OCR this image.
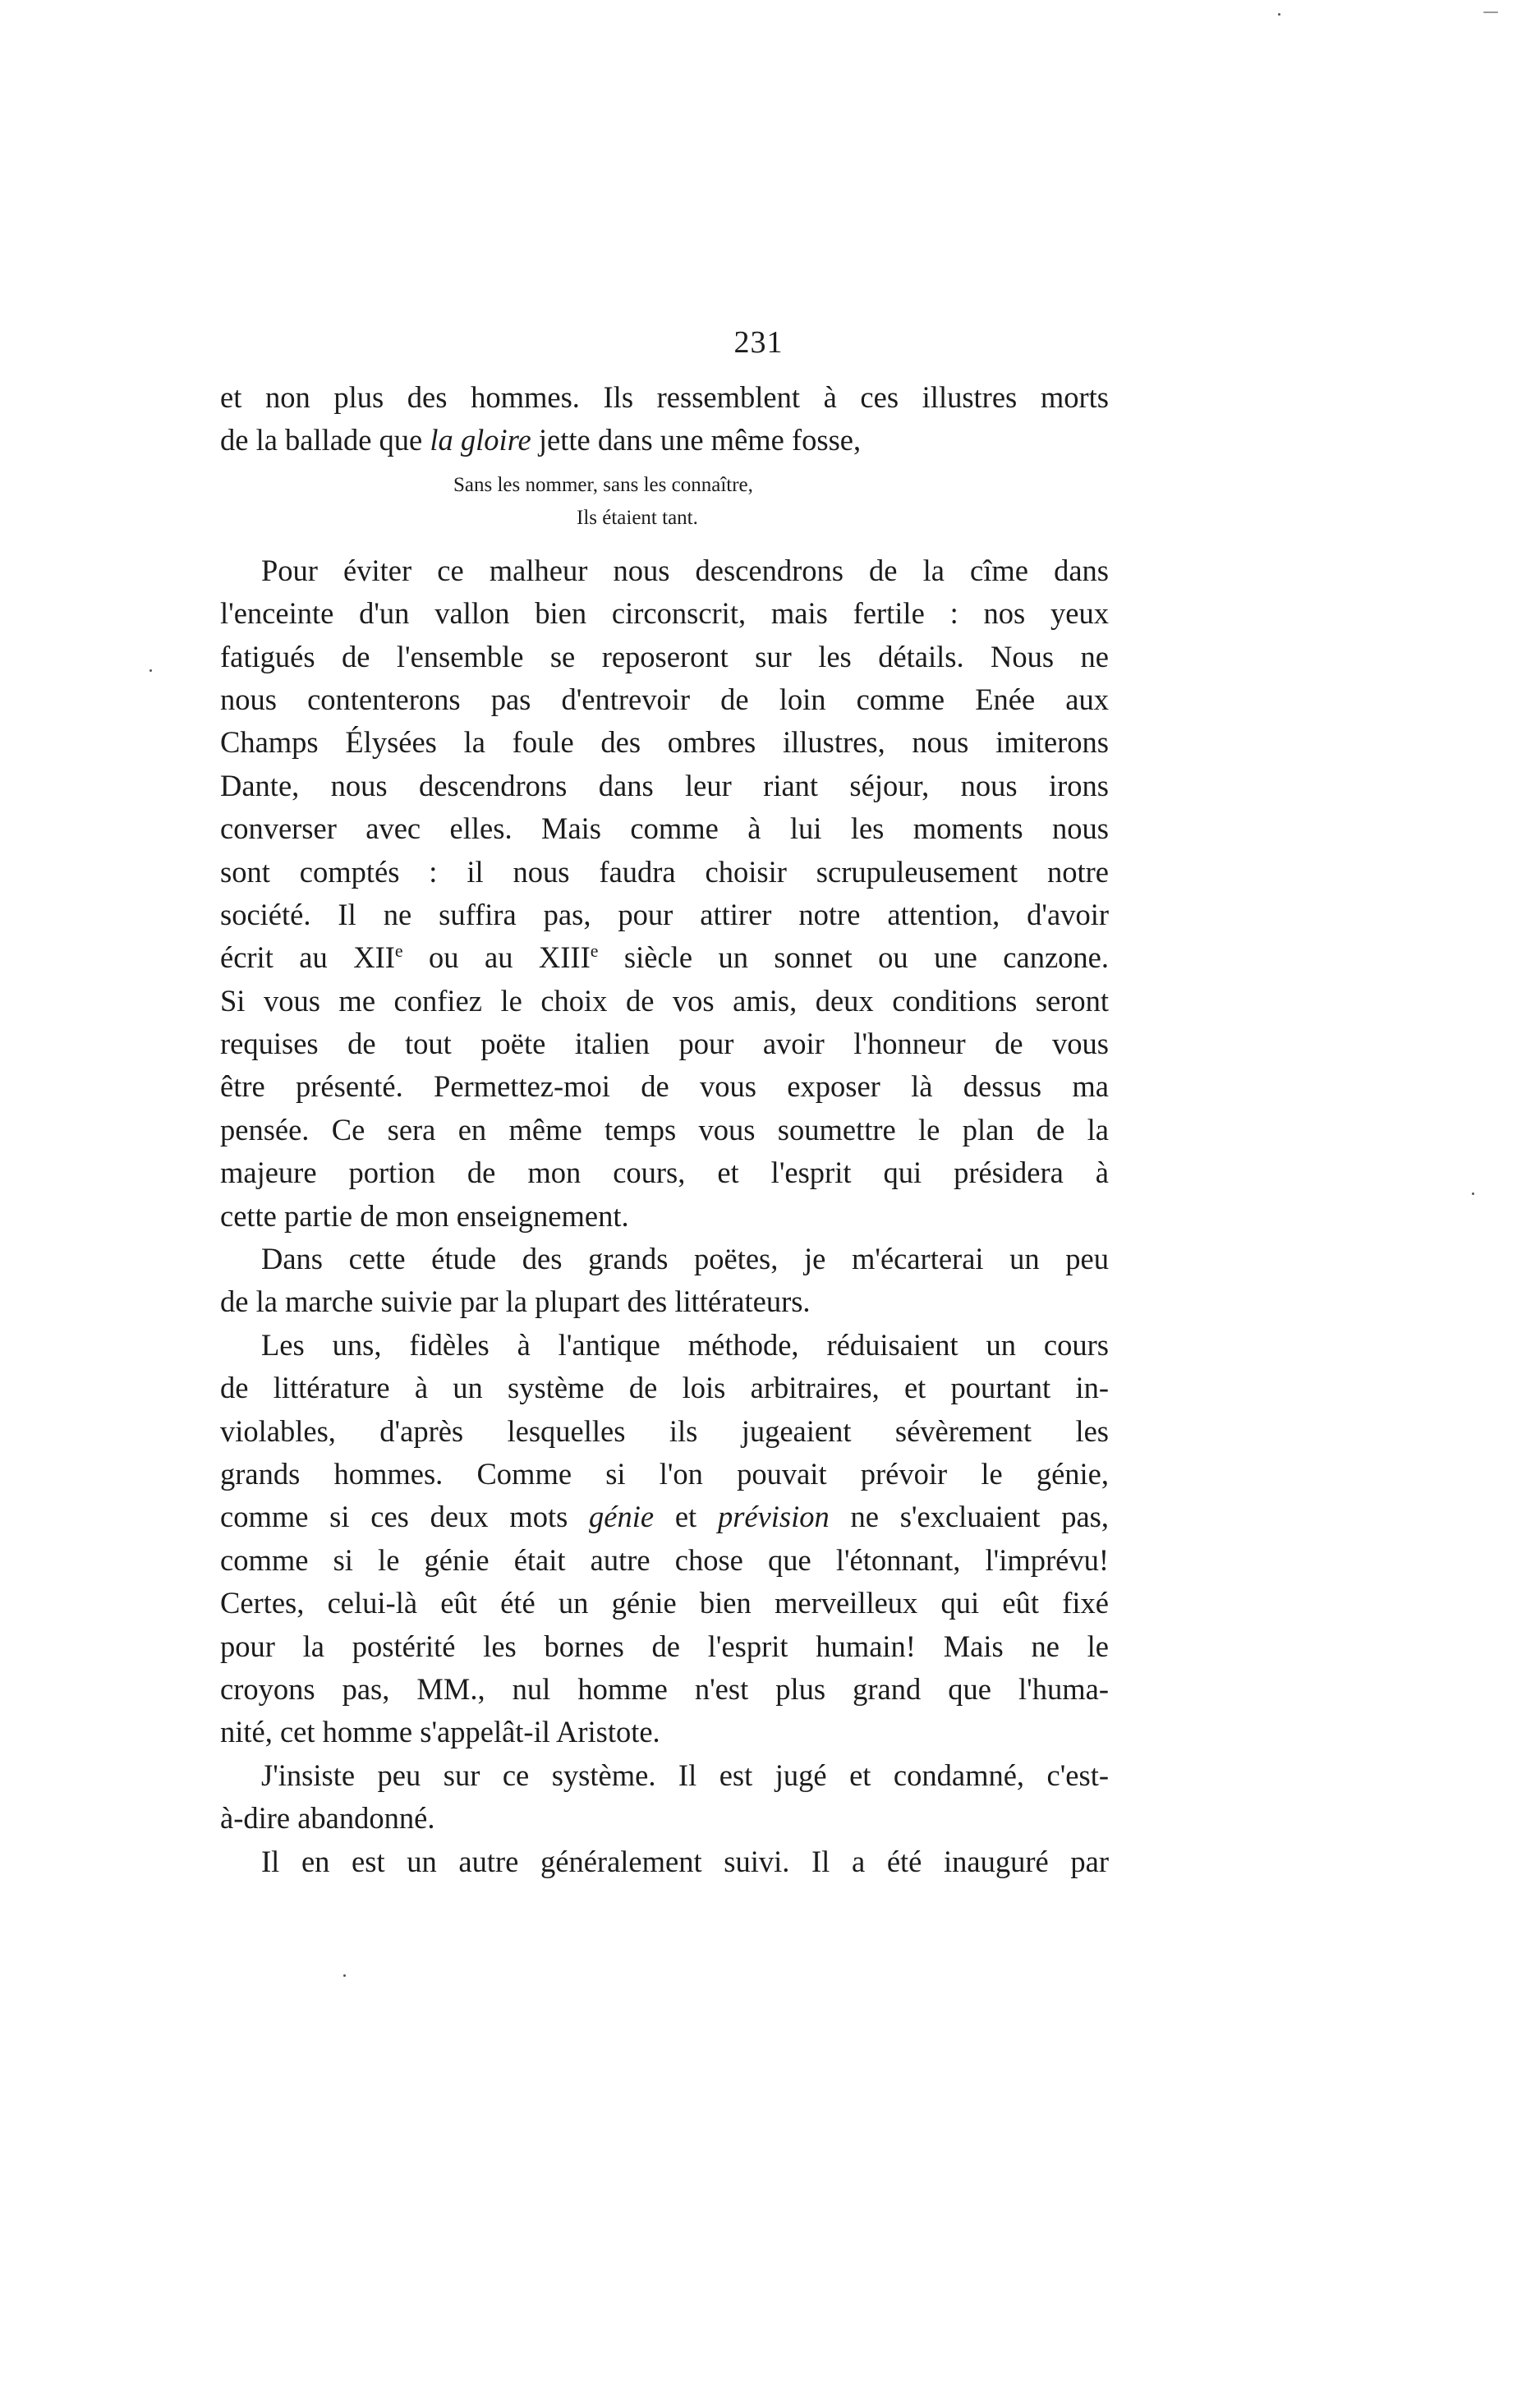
231
et non plus des hommes. Ils ressemblent à ces illustres morts
de la ballade que la gloire jette dans une même fosse,
Sans les nommer, sans les connaître,
Ils étaient tant.
Pour éviter ce malheur nous descendrons de la cîme dans
l'enceinte d'un vallon bien circonscrit, mais fertile : nos yeux
fatigués de l'ensemble se reposeront sur les détails. Nous ne
nous contenterons pas d'entrevoir de loin comme Enée aux
Champs Élysées la foule des ombres illustres, nous imiterons
Dante, nous descendrons dans leur riant séjour, nous irons
converser avec elles. Mais comme à lui les moments nous
sont comptés : il nous faudra choisir scrupuleusement notre
société. Il ne suffira pas, pour attirer notre attention, d'avoir
écrit au XIIe ou au XIIIe siècle un sonnet ou une canzone.
Si vous me confiez le choix de vos amis, deux conditions seront
requises de tout poëte italien pour avoir l'honneur de vous
être présenté. Permettez-moi de vous exposer là dessus ma
pensée. Ce sera en même temps vous soumettre le plan de la
majeure portion de mon cours, et l'esprit qui présidera à
cette partie de mon enseignement.
Dans cette étude des grands poëtes, je m'écarterai un peu
de la marche suivie par la plupart des littérateurs.
Les uns, fidèles à l'antique méthode, réduisaient un cours
de littérature à un système de lois arbitraires, et pourtant in-
violables, d'après lesquelles ils jugeaient sévèrement les
grands hommes. Comme si l'on pouvait prévoir le génie,
comme si ces deux mots génie et prévision ne s'excluaient pas,
comme si le génie était autre chose que l'étonnant, l'imprévu!
Certes, celui-là eût été un génie bien merveilleux qui eût fixé
pour la postérité les bornes de l'esprit humain! Mais ne le
croyons pas, MM., nul homme n'est plus grand que l'huma-
nité, cet homme s'appelât-il Aristote.
J'insiste peu sur ce système. Il est jugé et condamné, c'est-
à-dire abandonné.
Il en est un autre généralement suivi. Il a été inauguré par
